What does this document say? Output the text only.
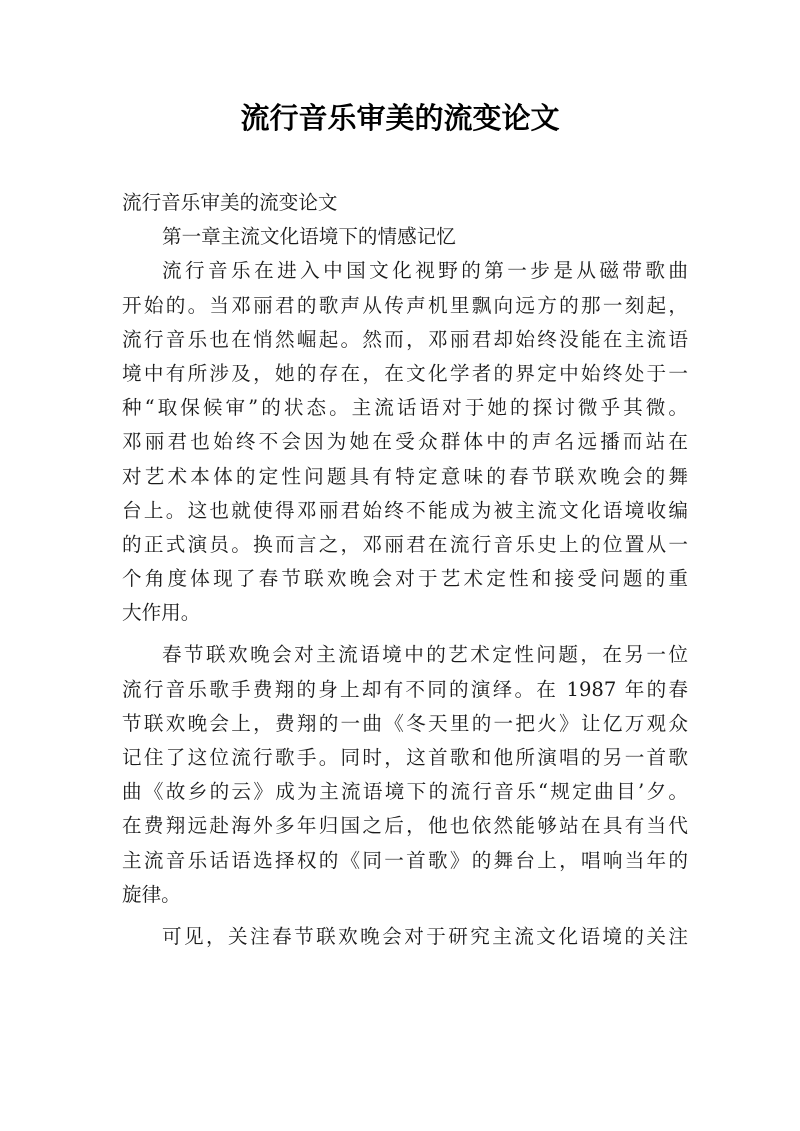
流行音乐审美的流变论文
流行音乐审美的流变论文
第一章主流文化语境下的情感记忆
流行音乐在进入中国文化视野的第一步是从磁带歌曲
开始的。当邓丽君的歌声从传声机里飘向远方的那一刻起，
流行音乐也在悄然崛起。然而，邓丽君却始终没能在主流语
境中有所涉及，她的存在，在文化学者的界定中始终处于一
种“取保候审”的状态。主流话语对于她的探讨微乎其微。
邓丽君也始终不会因为她在受众群体中的声名远播而站在
对艺术本体的定性问题具有特定意味的春节联欢晚会的舞
台上。这也就使得邓丽君始终不能成为被主流文化语境收编
的正式演员。换而言之，邓丽君在流行音乐史上的位置从一
个角度体现了春节联欢晚会对于艺术定性和接受问题的重
大作用。
春节联欢晚会对主流语境中的艺术定性问题，在另一位
流行音乐歌手费翔的身上却有不同的演绎。在 1987 年的春
节联欢晚会上，费翔的一曲《冬天里的一把火》让亿万观众
记住了这位流行歌手。同时，这首歌和他所演唱的另一首歌
曲《故乡的云》成为主流语境下的流行音乐“规定曲目’夕。
在费翔远赴海外多年归国之后，他也依然能够站在具有当代
主流音乐话语选择权的《同一首歌》的舞台上，唱响当年的
旋律。
可见，关注春节联欢晚会对于研究主流文化语境的关注
